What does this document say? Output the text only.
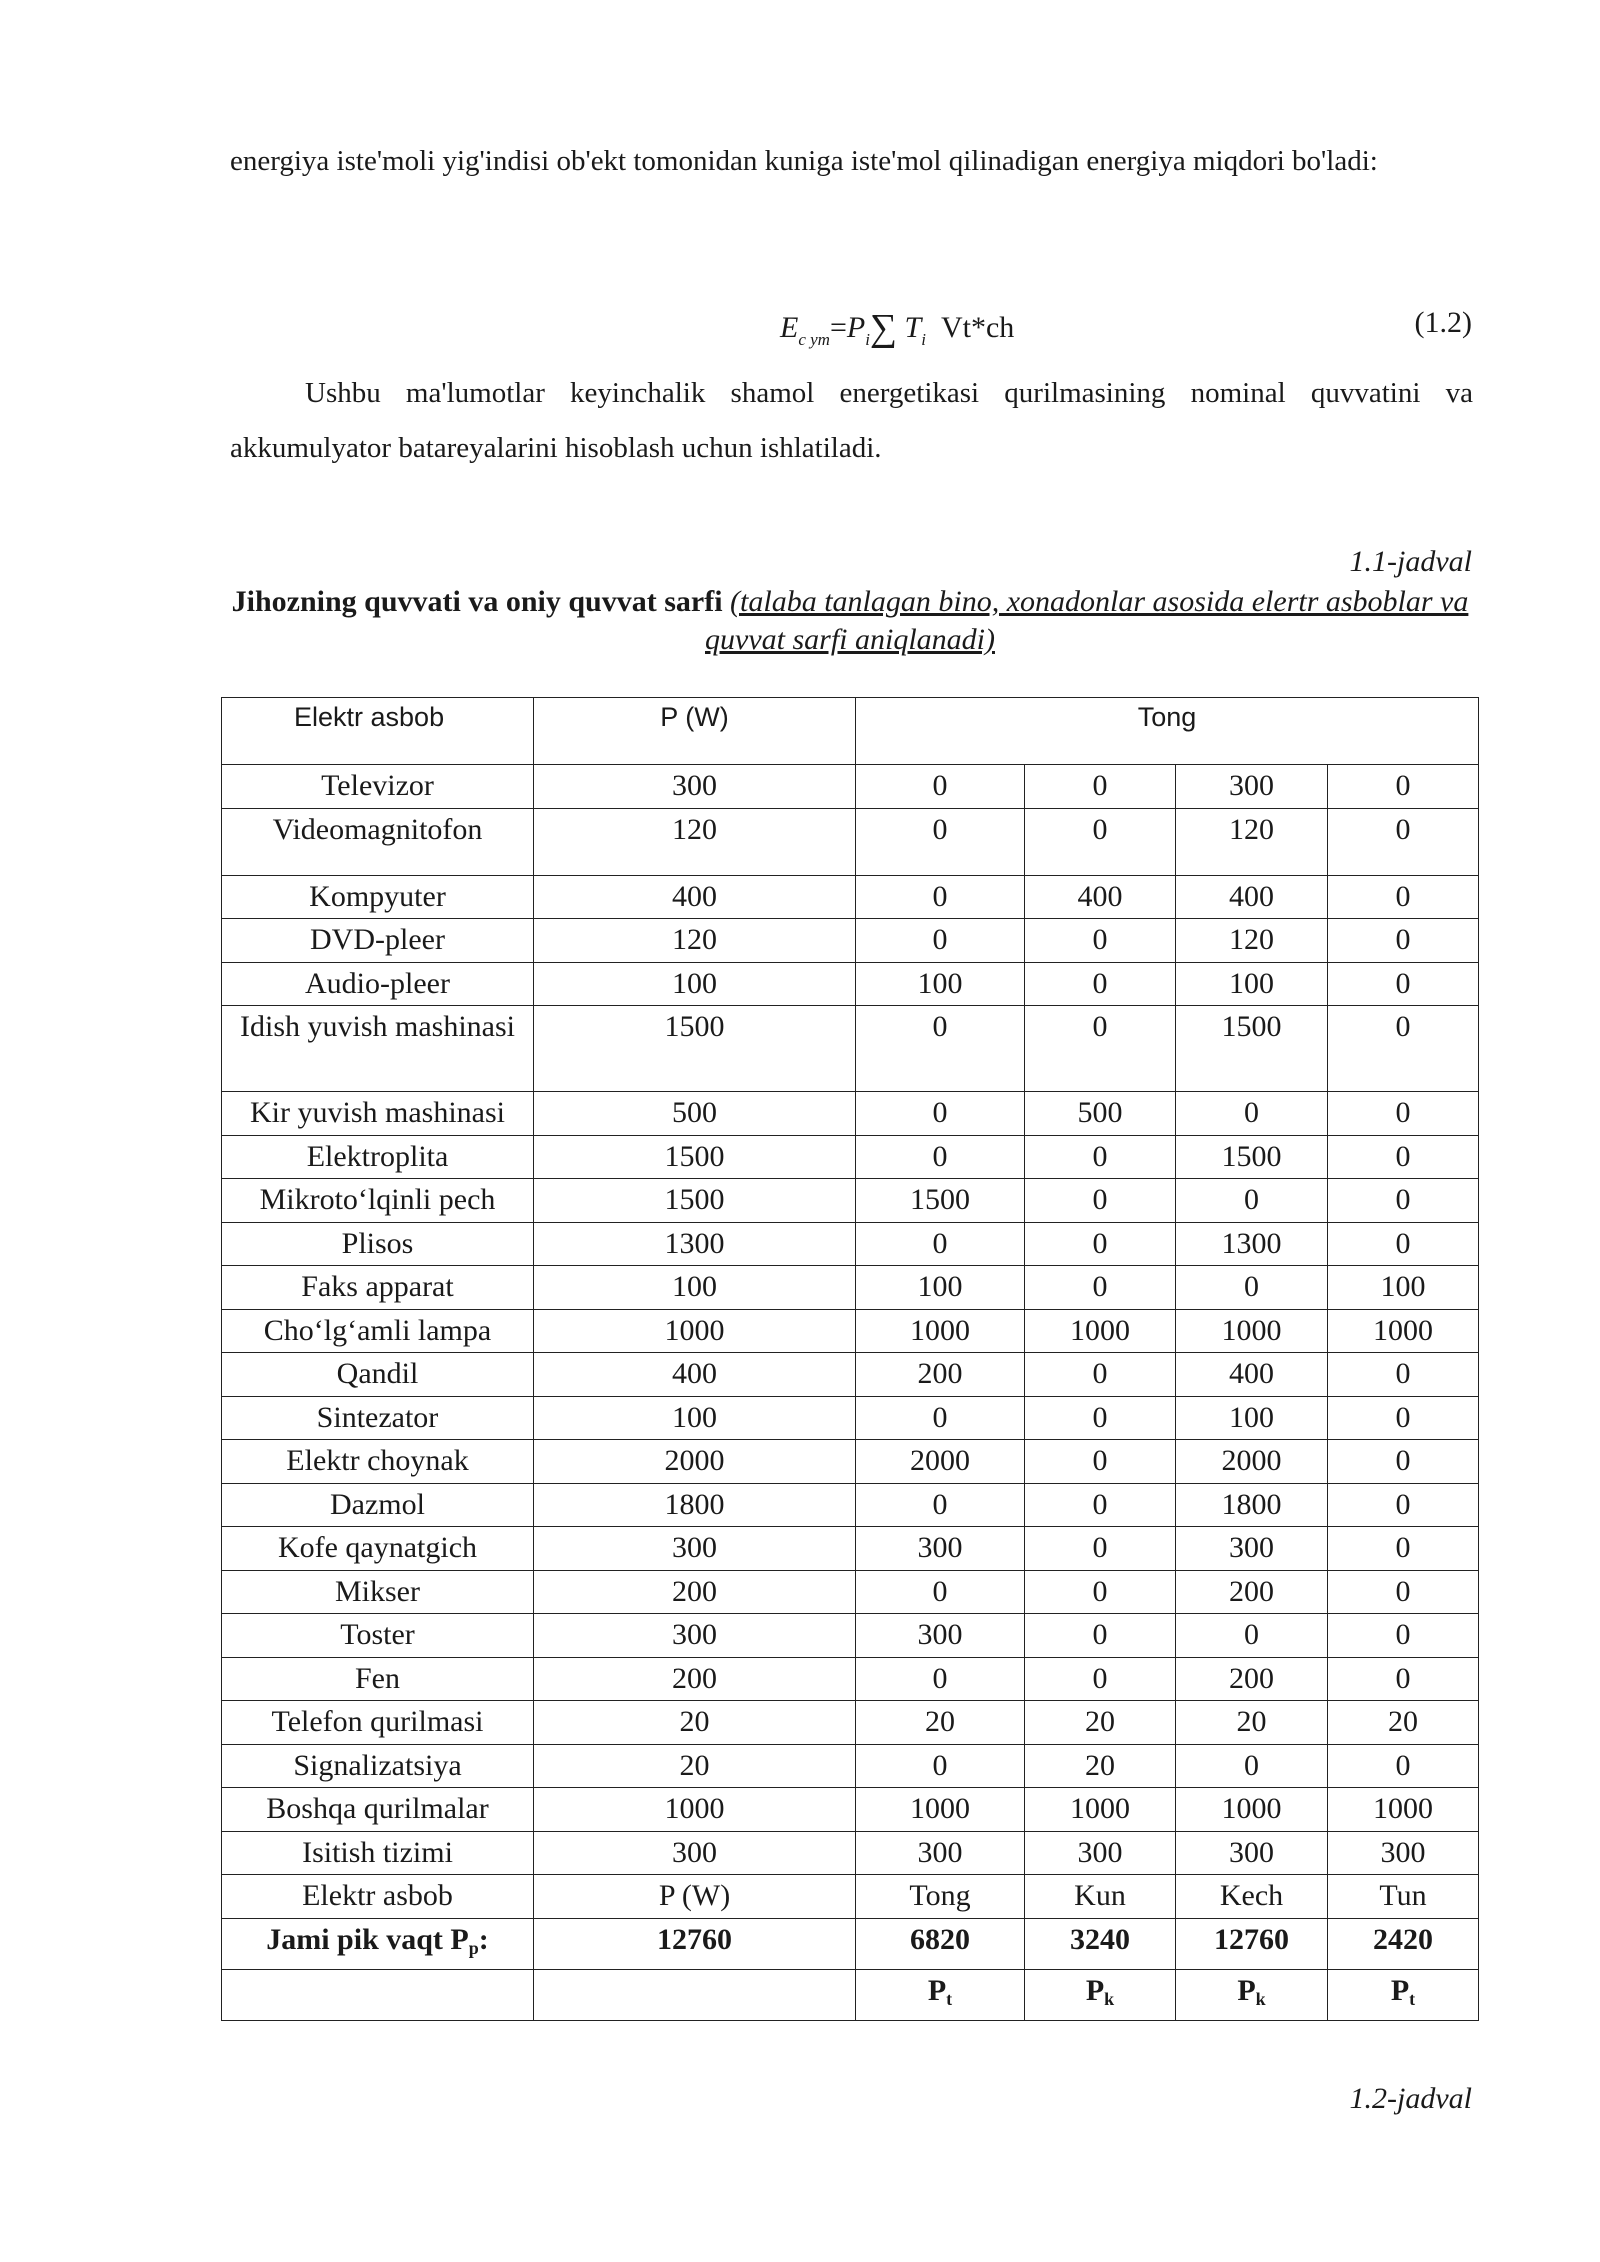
energiya iste'moli yig'indisi ob'ekt tomonidan kuniga iste'mol qilinadigan energiya miqdori bo'ladi:
$E_{c ym}=P_i\sum$ $T_i$ Vt*ch	(1.2)
Ushbu ma'lumotlar keyinchalik shamol energetikasi qurilmasining nominal quvvatini va akkumulyator batareyalarini hisoblash uchun ishlatiladi.
1.1-jadval
Jihozning quvvati va oniy quvvat sarfi (talaba tanlagan bino, xonadonlar asosida elertr asboblar va quvvat sarfi aniqlanadi)
Elektr asbob	P (W)	Tong			
Televizor	300	0	0	300	0
Videomagnitofon	120	0	0	120	0
Kompyuter	400	0	400	400	0
DVD-pleer	120	0	0	120	0
Audio-pleer	100	100	0	100	0
Idish yuvish mashinasi	1500	0	0	1500	0
Kir yuvish mashinasi	500	0	500	0	0
Elektroplita	1500	0	0	1500	0
Mikroto‘lqinli pech	1500	1500	0	0	0
Plisos	1300	0	0	1300	0
Faks apparat	100	100	0	0	100
Cho‘lg‘amli lampa	1000	1000	1000	1000	1000
Qandil	400	200	0	400	0
Sintezator	100	0	0	100	0
Elektr choynak	2000	2000	0	2000	0
Dazmol	1800	0	0	1800	0
Kofe qaynatgich	300	300	0	300	0
Mikser	200	0	0	200	0
Toster	300	300	0	0	0
Fen	200	0	0	200	0
Telefon qurilmasi	20	20	20	20	20
Signalizatsiya	20	0	20	0	0
Boshqa qurilmalar	1000	1000	1000	1000	1000
Isitish tizimi	300	300	300	300	300
Elektr asbob	P (W)	Tong	Kun	Kech	Tun
Jami pik vaqt Pp:	12760	6820	3240	12760	2420
		Pt	Pk	Pk	Pt
1.2-jadval
